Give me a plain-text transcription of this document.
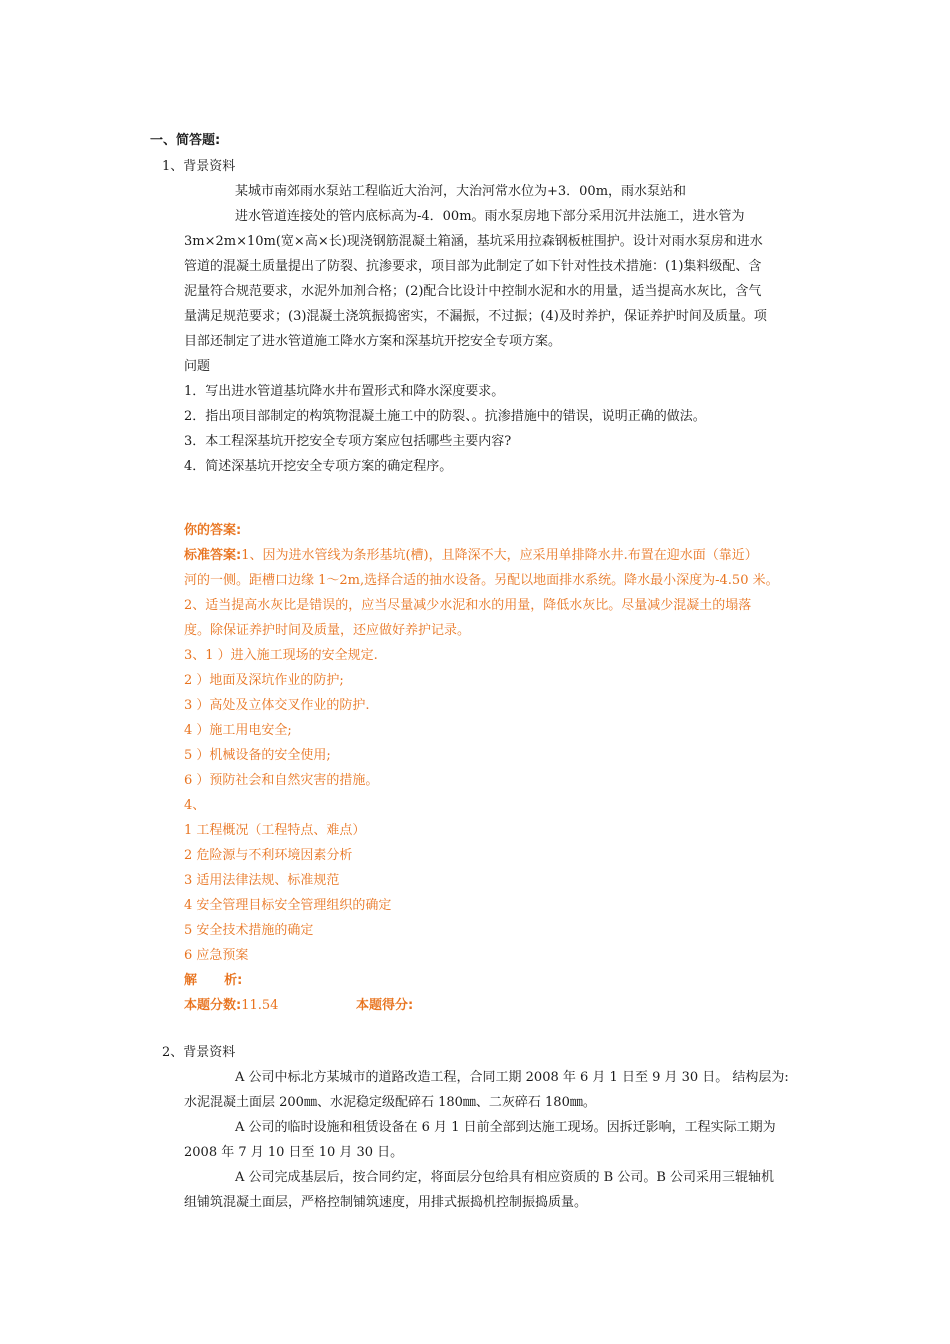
一、简答题:
1、背景资料
某城市南郊雨水泵站工程临近大治河，大治河常水位为+3．00m，雨水泵站和
进水管道连接处的管内底标高为-4．00m。雨水泵房地下部分采用沉井法施工，进水管为
3m×2m×10m(宽×高×长)现浇钢筋混凝土箱涵，基坑采用拉森钢板桩围护。设计对雨水泵房和进水
管道的混凝土质量提出了防裂、抗渗要求，项目部为此制定了如下针对性技术措施：(1)集料级配、含
泥量符合规范要求，水泥外加剂合格；(2)配合比设计中控制水泥和水的用量，适当提高水灰比，含气
量满足规范要求；(3)混凝土浇筑振捣密实，不漏振，不过振；(4)及时养护，保证养护时间及质量。项
目部还制定了进水管道施工降水方案和深基坑开挖安全专项方案。
问题
1．写出进水管道基坑降水井布置形式和降水深度要求。
2．指出项目部制定的构筑物混凝土施工中的防裂、。抗渗措施中的错误，说明正确的做法。
3．本工程深基坑开挖安全专项方案应包括哪些主要内容?
4．简述深基坑开挖安全专项方案的确定程序。
你的答案:
标准答案:1、因为进水管线为条形基坑(槽)，且降深不大，应采用单排降水井.布置在迎水面（靠近）
河的一侧。距槽口边缘 1～2m,选择合适的抽水设备。另配以地面排水系统。降水最小深度为-4.50 米。
2、适当提高水灰比是错误的，应当尽量减少水泥和水的用量，降低水灰比。尽量减少混凝土的塌落
度。除保证养护时间及质量，还应做好养护记录。
3、1 ）进入施工现场的安全规定.
2 ）地面及深坑作业的防护;
3 ）高处及立体交叉作业的防护.
4 ）施工用电安全;
5 ）机械设备的安全使用;
6 ）预防社会和自然灾害的措施。
4、
1 工程概况（工程特点、难点）
2 危险源与不利环境因素分析
3 适用法律法规、标准规范
4 安全管理目标安全管理组织的确定
5 安全技术措施的确定
6 应急预案
解      析:
本题分数:11.54	本题得分:
2、背景资料
A 公司中标北方某城市的道路改造工程，合同工期 2008 年 6 月 1 日至 9 月 30 日。 结构层为:
水泥混凝土面层 200㎜、水泥稳定级配碎石 180㎜、二灰碎石 180㎜。
A 公司的临时设施和租赁设备在 6 月 1 日前全部到达施工现场。因拆迁影响，工程实际工期为
2008 年 7 月 10 日至 10 月 30 日。
A 公司完成基层后，按合同约定，将面层分包给具有相应资质的 B 公司。B 公司采用三辊轴机
组铺筑混凝土面层，严格控制铺筑速度，用排式振捣机控制振捣质量。
